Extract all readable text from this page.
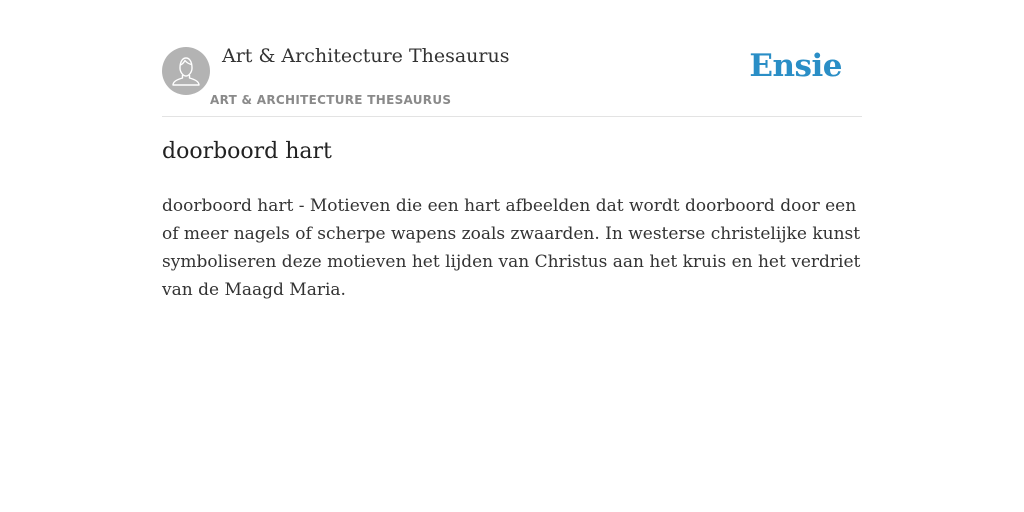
Art & Architecture Thesaurus
ART & ARCHITECTURE THESAURUS
Ensie
doorboord hart

doorboord hart - Motieven die een hart afbeelden dat wordt doorboord door een of meer nagels of scherpe wapens zoals zwaarden. In westerse christelijke kunst symboliseren deze motieven het lijden van Christus aan het kruis en het verdriet van de Maagd Maria.
